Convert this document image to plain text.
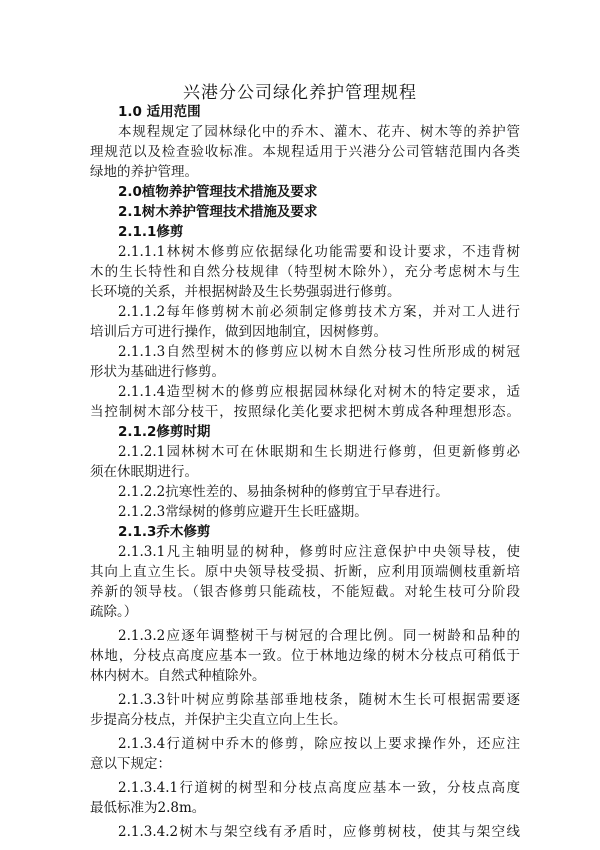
兴港分公司绿化养护管理规程
1.0 适用范围
本规程规定了园林绿化中的乔木、灌木、花卉、树木等的养护管
理规范以及检查验收标准。本规程适用于兴港分公司管辖范围内各类
绿地的养护管理。
2.0植物养护管理技术措施及要求
2.1树木养护管理技术措施及要求
2.1.1修剪
2.1.1.1林树木修剪应依据绿化功能需要和设计要求，不违背树
木的生长特性和自然分枝规律（特型树木除外），充分考虑树木与生
长环境的关系，并根据树龄及生长势强弱进行修剪。
2.1.1.2每年修剪树木前必须制定修剪技术方案，并对工人进行
培训后方可进行操作，做到因地制宜，因树修剪。
2.1.1.3自然型树木的修剪应以树木自然分枝习性所形成的树冠
形状为基础进行修剪。
2.1.1.4造型树木的修剪应根据园林绿化对树木的特定要求，适
当控制树木部分枝干，按照绿化美化要求把树木剪成各种理想形态。
2.1.2修剪时期
2.1.2.1园林树木可在休眠期和生长期进行修剪，但更新修剪必
须在休眠期进行。
2.1.2.2抗寒性差的、易抽条树种的修剪宜于早春进行。
2.1.2.3常绿树的修剪应避开生长旺盛期。
2.1.3乔木修剪
2.1.3.1凡主轴明显的树种，修剪时应注意保护中央领导枝，使
其向上直立生长。原中央领导枝受损、折断，应利用顶端侧枝重新培
养新的领导枝。（银杏修剪只能疏枝，不能短截。对轮生枝可分阶段
疏除。）
2.1.3.2应逐年调整树干与树冠的合理比例。同一树龄和品种的
林地，分枝点高度应基本一致。位于林地边缘的树木分枝点可稍低于
林内树木。自然式种植除外。
2.1.3.3针叶树应剪除基部垂地枝条，随树木生长可根据需要逐
步提高分枝点，并保护主尖直立向上生长。
2.1.3.4行道树中乔木的修剪，除应按以上要求操作外，还应注
意以下规定：
2.1.3.4.1行道树的树型和分枝点高度应基本一致，分枝点高度
最低标准为2.8m。
2.1.3.4.2树木与架空线有矛盾时，应修剪树枝，使其与架空线
